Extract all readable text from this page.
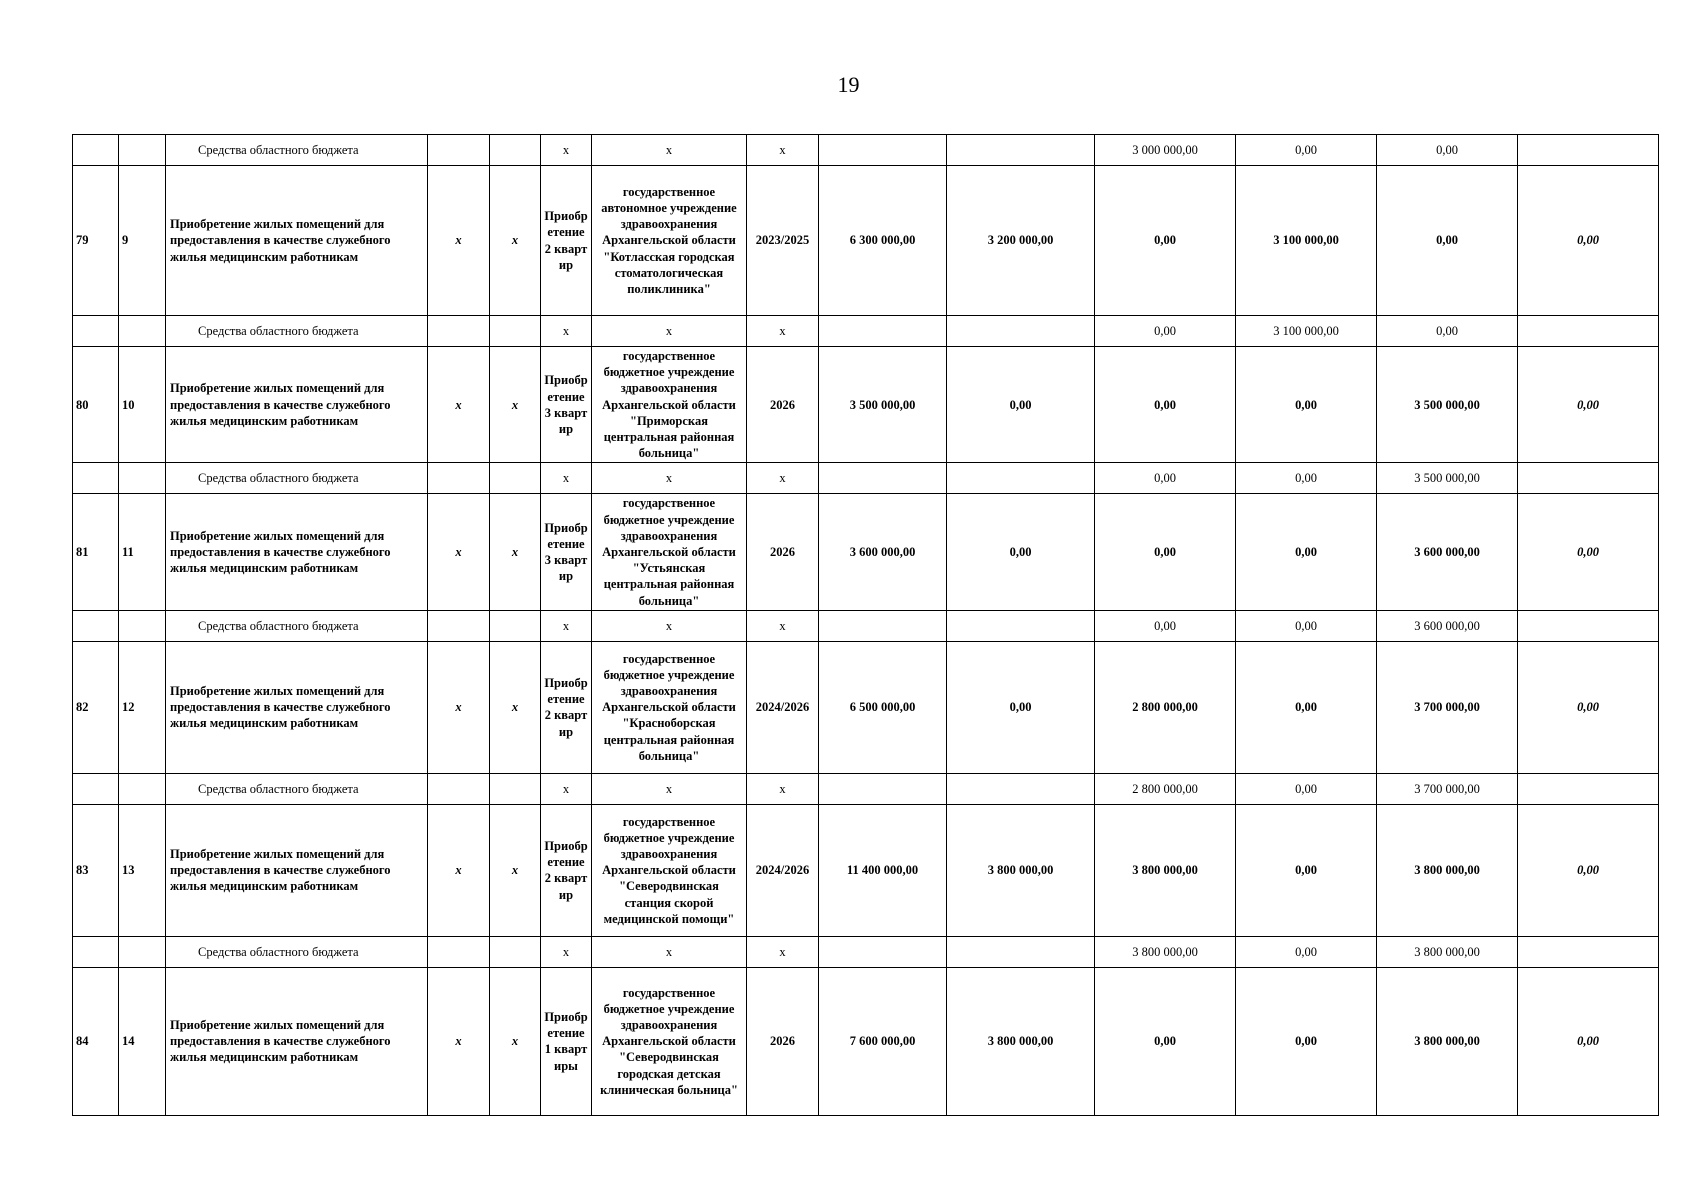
19
		Средства областного бюджета			х	х	х			3 000 000,00	0,00	0,00	
79	9	Приобретение жилых помещений для предоставления в качестве служебного жилья медицинским работникам	х	х	Приобретение 2 квартир	государственное автономное учреждение здравоохранения Архангельской области "Котласская городская стоматологическая поликлиника"	2023/2025	6 300 000,00	3 200 000,00	0,00	3 100 000,00	0,00	0,00
		Средства областного бюджета			х	х	х			0,00	3 100 000,00	0,00	
80	10	Приобретение жилых помещений для предоставления в качестве служебного жилья медицинским работникам	х	х	Приобретение 3 квартир	государственное бюджетное учреждение здравоохранения Архангельской области "Приморская центральная районная больница"	2026	3 500 000,00	0,00	0,00	0,00	3 500 000,00	0,00
		Средства областного бюджета			х	х	х			0,00	0,00	3 500 000,00	
81	11	Приобретение жилых помещений для предоставления в качестве служебного жилья медицинским работникам	х	х	Приобретение 3 квартир	государственное бюджетное учреждение здравоохранения Архангельской области "Устьянская центральная районная больница"	2026	3 600 000,00	0,00	0,00	0,00	3 600 000,00	0,00
		Средства областного бюджета			х	х	х			0,00	0,00	3 600 000,00	
82	12	Приобретение жилых помещений для предоставления в качестве служебного жилья медицинским работникам	х	х	Приобретение 2 квартир	государственное бюджетное учреждение здравоохранения Архангельской области "Красноборская центральная районная больница"	2024/2026	6 500 000,00	0,00	2 800 000,00	0,00	3 700 000,00	0,00
		Средства областного бюджета			х	х	х			2 800 000,00	0,00	3 700 000,00	
83	13	Приобретение жилых помещений для предоставления в качестве служебного жилья медицинским работникам	х	х	Приобретение 2 квартир	государственное бюджетное учреждение здравоохранения Архангельской области "Северодвинская станция скорой медицинской помощи"	2024/2026	11 400 000,00	3 800 000,00	3 800 000,00	0,00	3 800 000,00	0,00
		Средства областного бюджета			х	х	х			3 800 000,00	0,00	3 800 000,00	
84	14	Приобретение жилых помещений для предоставления в качестве служебного жилья медицинским работникам	х	х	Приобретение 1 квартиры	государственное бюджетное учреждение здравоохранения Архангельской области "Северодвинская городская детская клиническая больница"	2026	7 600 000,00	3 800 000,00	0,00	0,00	3 800 000,00	0,00
